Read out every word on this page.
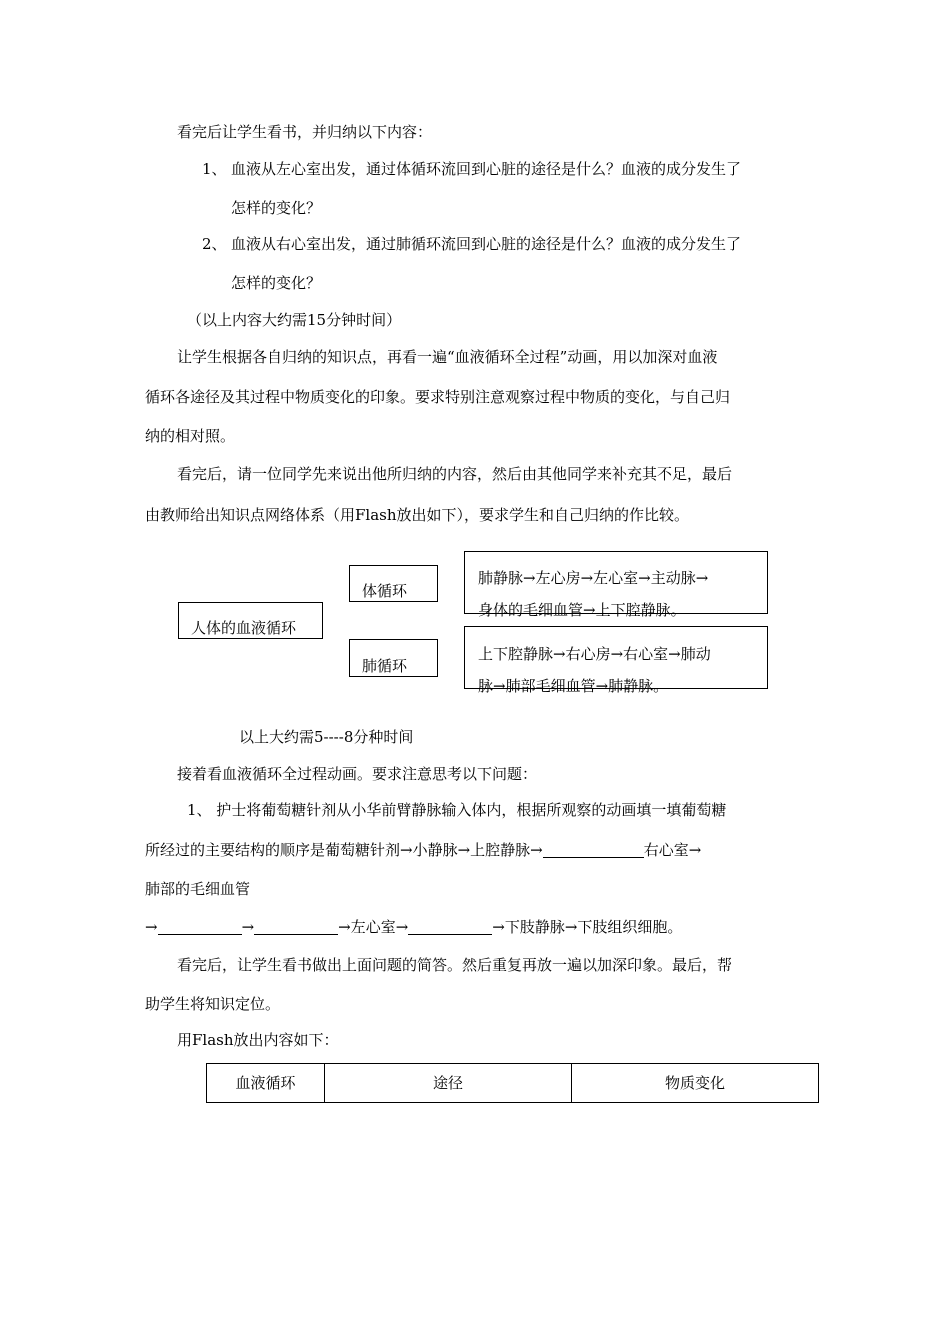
看完后让学生看书，并归纳以下内容：
1、 血液从左心室出发，通过体循环流回到心脏的途径是什么？血液的成分发生了
怎样的变化？
2、 血液从右心室出发，通过肺循环流回到心脏的途径是什么？血液的成分发生了
怎样的变化？
（以上内容大约需15分钟时间）
让学生根据各自归纳的知识点，再看一遍“血液循环全过程”动画，用以加深对血液
循环各途径及其过程中物质变化的印象。要求特别注意观察过程中物质的变化，与自己归
纳的相对照。
看完后，请一位同学先来说出他所归纳的内容，然后由其他同学来补充其不足，最后
由教师给出知识点网络体系（用Flash放出如下），要求学生和自己归纳的作比较。
人体的血液循环
体循环
肺循环
肺静脉→左心房→左心室→主动脉→
身体的毛细血管→上下腔静脉。
上下腔静脉→右心房→右心室→肺动
脉→肺部毛细血管→肺静脉。
以上大约需5----8分种时间
接着看血液循环全过程动画。要求注意思考以下问题：
1、 护士将葡萄糖针剂从小华前臂静脉输入体内，根据所观察的动画填一填葡萄糖
所经过的主要结构的顺序是葡萄糖针剂→小静脉→上腔静脉→	右心室→
肺部的毛细血管
→	→	→左心室→	→下肢静脉→下肢组织细胞。
看完后，让学生看书做出上面问题的简答。然后重复再放一遍以加深印象。最后，帮
助学生将知识定位。
用Flash放出内容如下：
血液循环	途径	物质变化
